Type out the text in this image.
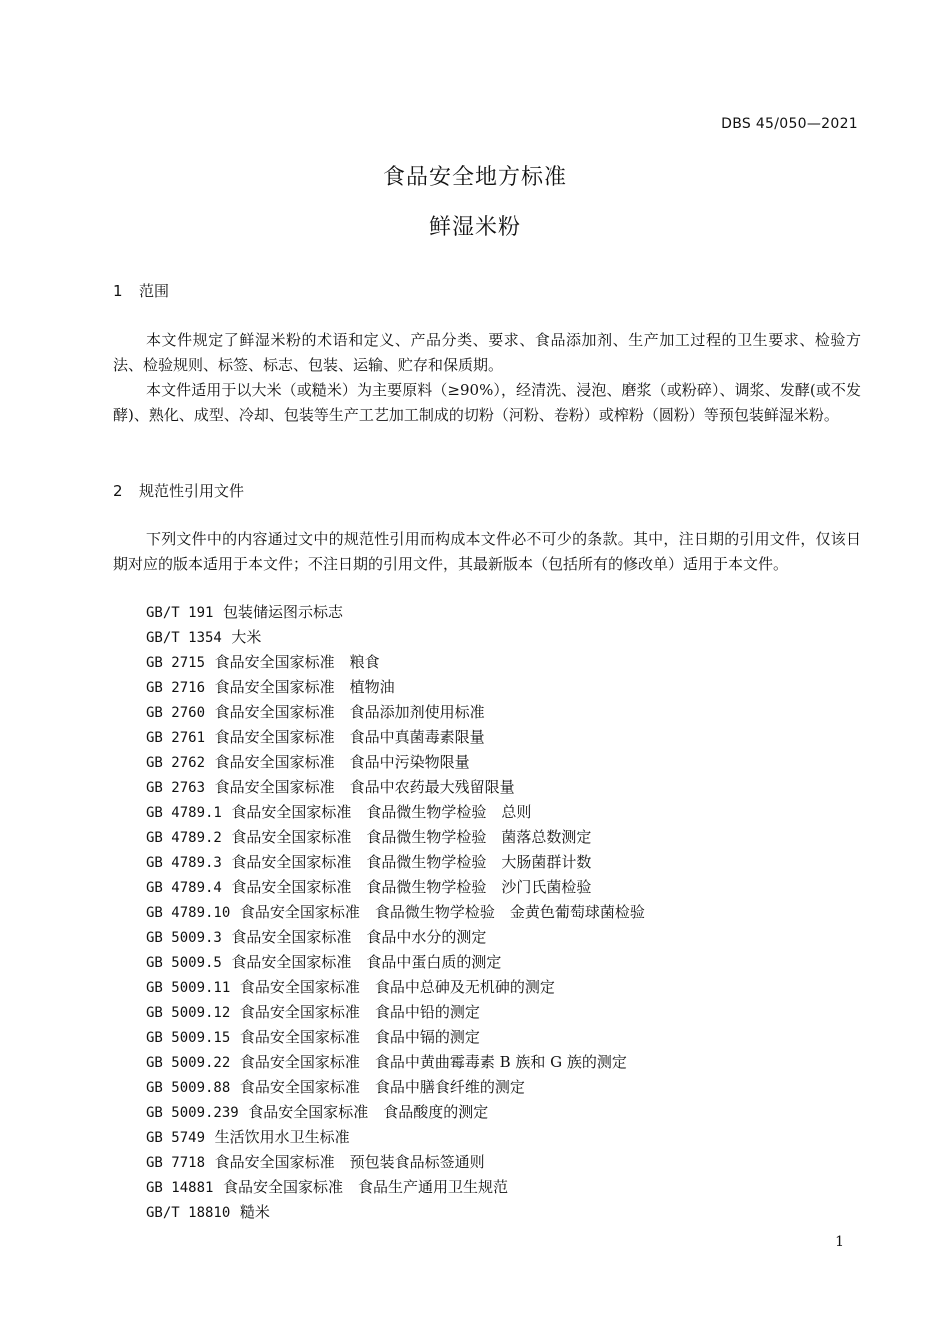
DBS 45/050—2021
食品安全地方标准
鲜湿米粉
1 范围
本文件规定了鲜湿米粉的术语和定义、产品分类、要求、食品添加剂、生产加工过程的卫生要求、检验方法、检验规则、标签、标志、包装、运输、贮存和保质期。
本文件适用于以大米（或糙米）为主要原料（≥90%），经清洗、浸泡、磨浆（或粉碎）、调浆、发酵(或不发酵)、熟化、成型、冷却、包装等生产工艺加工制成的切粉（河粉、卷粉）或榨粉（圆粉）等预包装鲜湿米粉。
2 规范性引用文件
下列文件中的内容通过文中的规范性引用而构成本文件必不可少的条款。其中，注日期的引用文件，仅该日期对应的版本适用于本文件；不注日期的引用文件，其最新版本（包括所有的修改单）适用于本文件。
GB/T 191 包装储运图示标志
GB/T 1354 大米
GB 2715 食品安全国家标准　粮食
GB 2716 食品安全国家标准　植物油
GB 2760 食品安全国家标准　食品添加剂使用标准
GB 2761 食品安全国家标准　食品中真菌毒素限量
GB 2762 食品安全国家标准　食品中污染物限量
GB 2763 食品安全国家标准　食品中农药最大残留限量
GB 4789.1 食品安全国家标准　食品微生物学检验　总则
GB 4789.2 食品安全国家标准　食品微生物学检验　菌落总数测定
GB 4789.3 食品安全国家标准　食品微生物学检验　大肠菌群计数
GB 4789.4 食品安全国家标准　食品微生物学检验　沙门氏菌检验
GB 4789.10 食品安全国家标准　食品微生物学检验　金黄色葡萄球菌检验
GB 5009.3 食品安全国家标准　食品中水分的测定
GB 5009.5 食品安全国家标准　食品中蛋白质的测定
GB 5009.11 食品安全国家标准　食品中总砷及无机砷的测定
GB 5009.12 食品安全国家标准　食品中铅的测定
GB 5009.15 食品安全国家标准　食品中镉的测定
GB 5009.22 食品安全国家标准　食品中黄曲霉毒素 B 族和 G 族的测定
GB 5009.88 食品安全国家标准　食品中膳食纤维的测定
GB 5009.239 食品安全国家标准　食品酸度的测定
GB 5749 生活饮用水卫生标准
GB 7718 食品安全国家标准　预包装食品标签通则
GB 14881 食品安全国家标准　食品生产通用卫生规范
GB/T 18810 糙米
1
